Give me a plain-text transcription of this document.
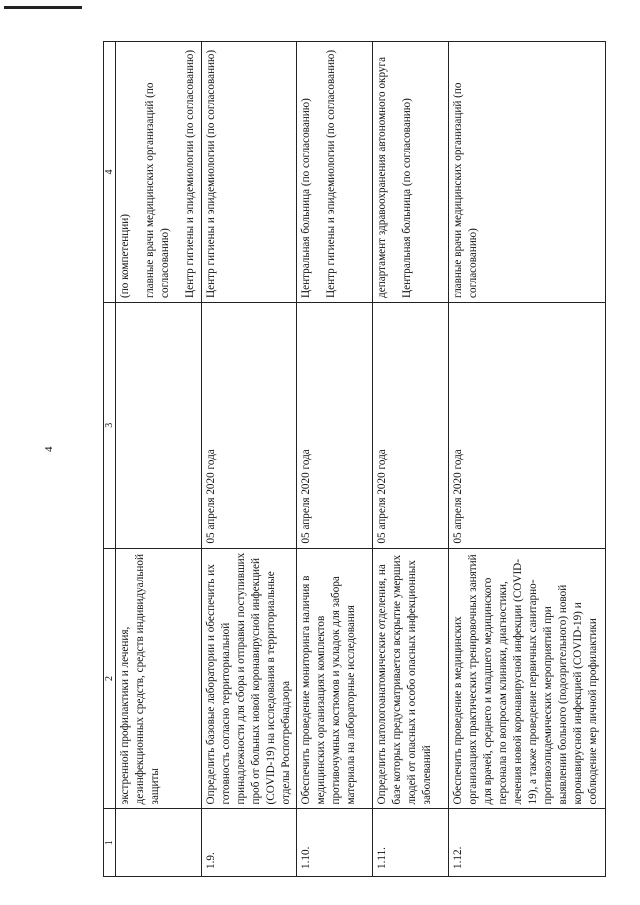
4
1	2	3	4
	экстренной профилактики и лечения, дезинфекционных средств, средств индивидуальной защиты		(по компетенции) главные врачи медицинских организаций (по согласованию) Центр гигиены и эпидемиологии (по согласованию)

1.9.	Определить базовые лаборатории и обеспечить их готовность согласно территориальной принадлежности для сбора и отправки поступивших проб от больных новой коронавирусной инфекцией (COVID-19) на исследования в территориальные отделы Роспотребнадзора	05 апреля 2020 года	Центр гигиены и эпидемиологии (по согласованию)

1.10.	Обеспечить проведение мониторинга наличия в медицинских организациях комплектов противочумных костюмов и укладок для забора материала на лабораторные исследования	05 апреля 2020 года	Центральная больница (по согласованию) Центр гигиены и эпидемиологии (по согласованию)

1.11.	Определить патологоанатомические отделения, на базе которых предусматривается вскрытие умерших людей от опасных и особо опасных инфекционных заболеваний	05 апреля 2020 года	департамент здравоохранения автономного округа Центральная больница (по согласованию)

1.12.	Обеспечить проведение в медицинских организациях практических тренировочных занятий для врачей, среднего и младшего медицинского персонала по вопросам клиники, диагностики, лечения новой коронавирусной инфекции (COVID-19), а также проведение первичных санитарно-противоэпидемических мероприятий при выявлении больного (подозрительного) новой коронавирусной инфекцией (COVID-19) и соблюдение мер личной профилактики	05 апреля 2020 года	главные врачи медицинских организаций (по согласованию)
